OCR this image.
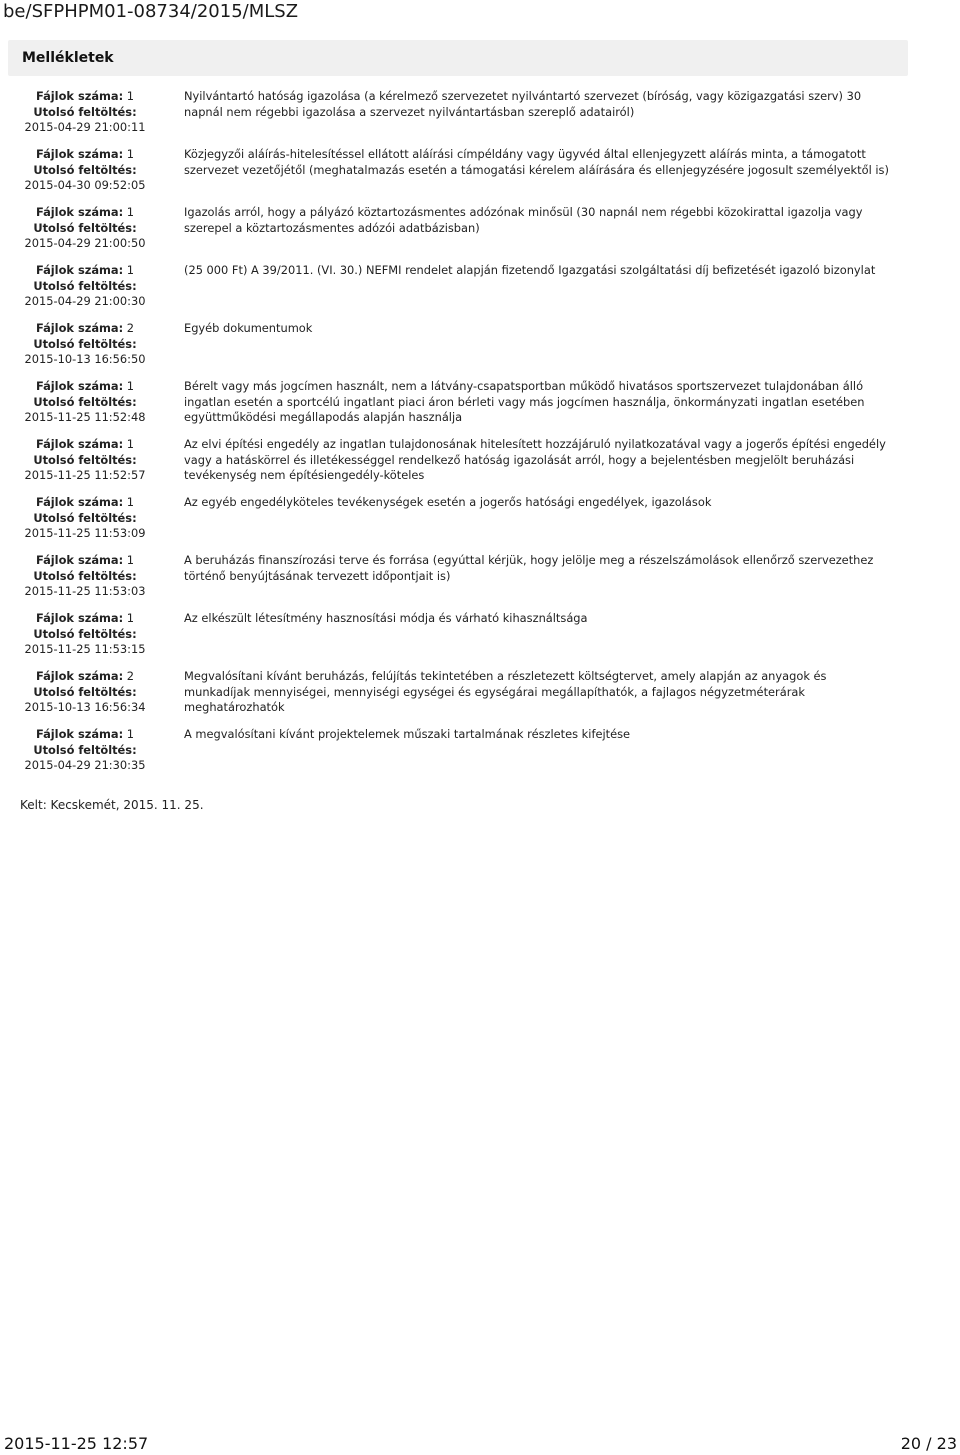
be/SFPHPM01-08734/2015/MLSZ
Mellékletek
Fájlok száma: 1
Utolsó feltöltés:
2015-04-29 21:00:11
Nyilvántartó hatóság igazolása (a kérelmező szervezetet nyilvántartó szervezet (bíróság, vagy közigazgatási szerv) 30 napnál nem régebbi igazolása a szervezet nyilvántartásban szereplő adatairól)
Fájlok száma: 1
Utolsó feltöltés:
2015-04-30 09:52:05
Közjegyzői aláírás-hitelesítéssel ellátott aláírási címpéldány vagy ügyvéd által ellenjegyzett aláírás minta, a támogatott szervezet vezetőjétől (meghatalmazás esetén a támogatási kérelem aláírására és ellenjegyzésére jogosult személyektől is)
Fájlok száma: 1
Utolsó feltöltés:
2015-04-29 21:00:50
Igazolás arról, hogy a pályázó köztartozásmentes adózónak minősül (30 napnál nem régebbi közokirattal igazolja vagy szerepel a köztartozásmentes adózói adatbázisban)
Fájlok száma: 1
Utolsó feltöltés:
2015-04-29 21:00:30
(25 000 Ft) A 39/2011. (VI. 30.) NEFMI rendelet alapján fizetendő Igazgatási szolgáltatási díj befizetését igazoló bizonylat
Fájlok száma: 2
Utolsó feltöltés:
2015-10-13 16:56:50
Egyéb dokumentumok
Fájlok száma: 1
Utolsó feltöltés:
2015-11-25 11:52:48
Bérelt vagy más jogcímen használt, nem a látvány-csapatsportban működő hivatásos sportszervezet tulajdonában álló ingatlan esetén a sportcélú ingatlant piaci áron bérleti vagy más jogcímen használja, önkormányzati ingatlan esetében együttműködési megállapodás alapján használja
Fájlok száma: 1
Utolsó feltöltés:
2015-11-25 11:52:57
Az elvi építési engedély az ingatlan tulajdonosának hitelesített hozzájáruló nyilatkozatával vagy a jogerős építési engedély vagy a hatáskörrel és illetékességgel rendelkező hatóság igazolását arról, hogy a bejelentésben megjelölt beruházási tevékenység nem építésiengedély-köteles
Fájlok száma: 1
Utolsó feltöltés:
2015-11-25 11:53:09
Az egyéb engedélyköteles tevékenységek esetén a jogerős hatósági engedélyek, igazolások
Fájlok száma: 1
Utolsó feltöltés:
2015-11-25 11:53:03
A beruházás finanszírozási terve és forrása (egyúttal kérjük, hogy jelölje meg a részelszámolások ellenőrző szervezethez történő benyújtásának tervezett időpontjait is)
Fájlok száma: 1
Utolsó feltöltés:
2015-11-25 11:53:15
Az elkészült létesítmény hasznosítási módja és várható kihasználtsága
Fájlok száma: 2
Utolsó feltöltés:
2015-10-13 16:56:34
Megvalósítani kívánt beruházás, felújítás tekintetében a részletezett költségtervet, amely alapján az anyagok és munkadíjak mennyiségei, mennyiségi egységei és egységárai megállapíthatók, a fajlagos négyzetméterárak meghatározhatók
Fájlok száma: 1
Utolsó feltöltés:
2015-04-29 21:30:35
A megvalósítani kívánt projektelemek műszaki tartalmának részletes kifejtése
Kelt: Kecskemét, 2015. 11. 25.
2015-11-25 12:57	20 / 23
